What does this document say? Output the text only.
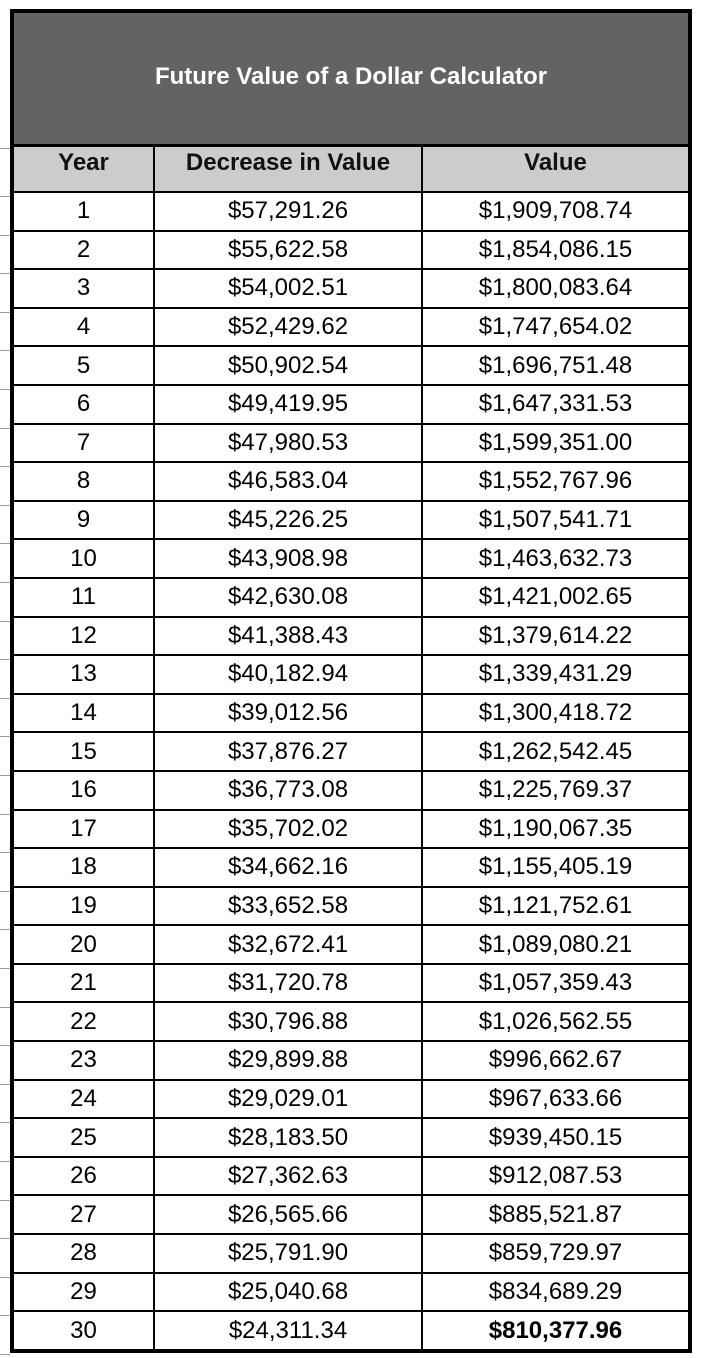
Future Value of a Dollar Calculator
Year	Decrease in Value	Value
1	$57,291.26	$1,909,708.74
2	$55,622.58	$1,854,086.15
3	$54,002.51	$1,800,083.64
4	$52,429.62	$1,747,654.02
5	$50,902.54	$1,696,751.48
6	$49,419.95	$1,647,331.53
7	$47,980.53	$1,599,351.00
8	$46,583.04	$1,552,767.96
9	$45,226.25	$1,507,541.71
10	$43,908.98	$1,463,632.73
11	$42,630.08	$1,421,002.65
12	$41,388.43	$1,379,614.22
13	$40,182.94	$1,339,431.29
14	$39,012.56	$1,300,418.72
15	$37,876.27	$1,262,542.45
16	$36,773.08	$1,225,769.37
17	$35,702.02	$1,190,067.35
18	$34,662.16	$1,155,405.19
19	$33,652.58	$1,121,752.61
20	$32,672.41	$1,089,080.21
21	$31,720.78	$1,057,359.43
22	$30,796.88	$1,026,562.55
23	$29,899.88	$996,662.67
24	$29,029.01	$967,633.66
25	$28,183.50	$939,450.15
26	$27,362.63	$912,087.53
27	$26,565.66	$885,521.87
28	$25,791.90	$859,729.97
29	$25,040.68	$834,689.29
30	$24,311.34	$810,377.96
